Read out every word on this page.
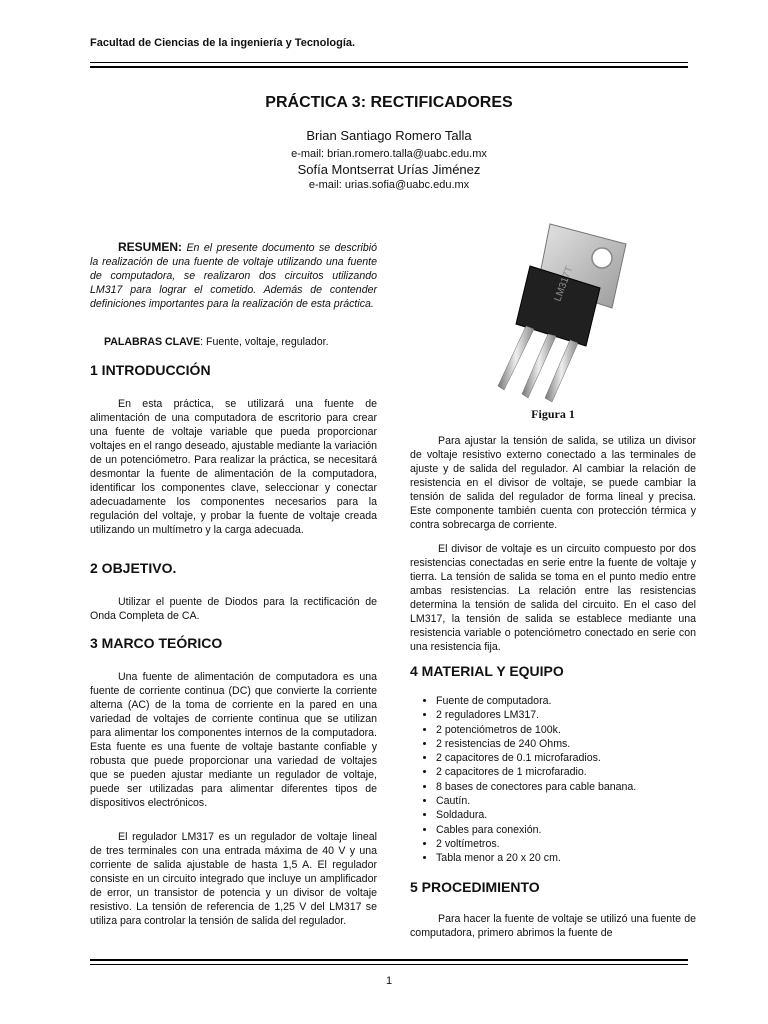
Facultad de Ciencias de la ingeniería y Tecnología.
PRÁCTICA 3: RECTIFICADORES
Brian Santiago Romero Talla
e-mail: brian.romero.talla@uabc.edu.mx
Sofía Montserrat Urías Jiménez
e-mail: urias.sofia@uabc.edu.mx

RESUMEN: En el presente documento se describió la realización de una fuente de voltaje utilizando una fuente de computadora, se realizaron dos circuitos utilizando LM317 para lograr el cometido. Además de contender definiciones importantes para la realización de esta práctica.

PALABRAS CLAVE: Fuente, voltaje, regulador.

1 INTRODUCCIÓN

En esta práctica, se utilizará una fuente de alimentación de una computadora de escritorio para crear una fuente de voltaje variable que pueda proporcionar voltajes en el rango deseado, ajustable mediante la variación de un potenciómetro. Para realizar la práctica, se necesitará desmontar la fuente de alimentación de la computadora, identificar los componentes clave, seleccionar y conectar adecuadamente los componentes necesarios para la regulación del voltaje, y probar la fuente de voltaje creada utilizando un multímetro y la carga adecuada.

2 OBJETIVO.

Utilizar el puente de Diodos para la rectificación de Onda Completa de CA.

3 MARCO TEÓRICO

Una fuente de alimentación de computadora es una fuente de corriente continua (DC) que convierte la corriente alterna (AC) de la toma de corriente en la pared en una variedad de voltajes de corriente continua que se utilizan para alimentar los componentes internos de la computadora. Esta fuente es una fuente de voltaje bastante confiable y robusta que puede proporcionar una variedad de voltajes que se pueden ajustar mediante un regulador de voltaje, puede ser utilizadas para alimentar diferentes tipos de dispositivos electrónicos.

El regulador LM317 es un regulador de voltaje lineal de tres terminales con una entrada máxima de 40 V y una corriente de salida ajustable de hasta 1,5 A. El regulador consiste en un circuito integrado que incluye un amplificador de error, un transistor de potencia y un divisor de voltaje resistivo. La tensión de referencia de 1,25 V del LM317 se utiliza para controlar la tensión de salida del regulador.

LM317T
Figura 1

Para ajustar la tensión de salida, se utiliza un divisor de voltaje resistivo externo conectado a las terminales de ajuste y de salida del regulador. Al cambiar la relación de resistencia en el divisor de voltaje, se puede cambiar la tensión de salida del regulador de forma lineal y precisa. Este componente también cuenta con protección térmica y contra sobrecarga de corriente.

El divisor de voltaje es un circuito compuesto por dos resistencias conectadas en serie entre la fuente de voltaje y tierra. La tensión de salida se toma en el punto medio entre ambas resistencias. La relación entre las resistencias determina la tensión de salida del circuito. En el caso del LM317, la tensión de salida se establece mediante una resistencia variable o potenciómetro conectado en serie con una resistencia fija.

4 MATERIAL Y EQUIPO
• Fuente de computadora.
• 2 reguladores LM317.
• 2 potenciómetros de 100k.
• 2 resistencias de 240 Ohms.
• 2 capacitores de 0.1 microfaradios.
• 2 capacitores de 1 microfaradio.
• 8 bases de conectores para cable banana.
• Cautín.
• Soldadura.
• Cables para conexión.
• 2 voltímetros.
• Tabla menor a 20 x 20 cm.
5 PROCEDIMIENTO

Para hacer la fuente de voltaje se utilizó una fuente de computadora, primero abrimos la fuente de

1
